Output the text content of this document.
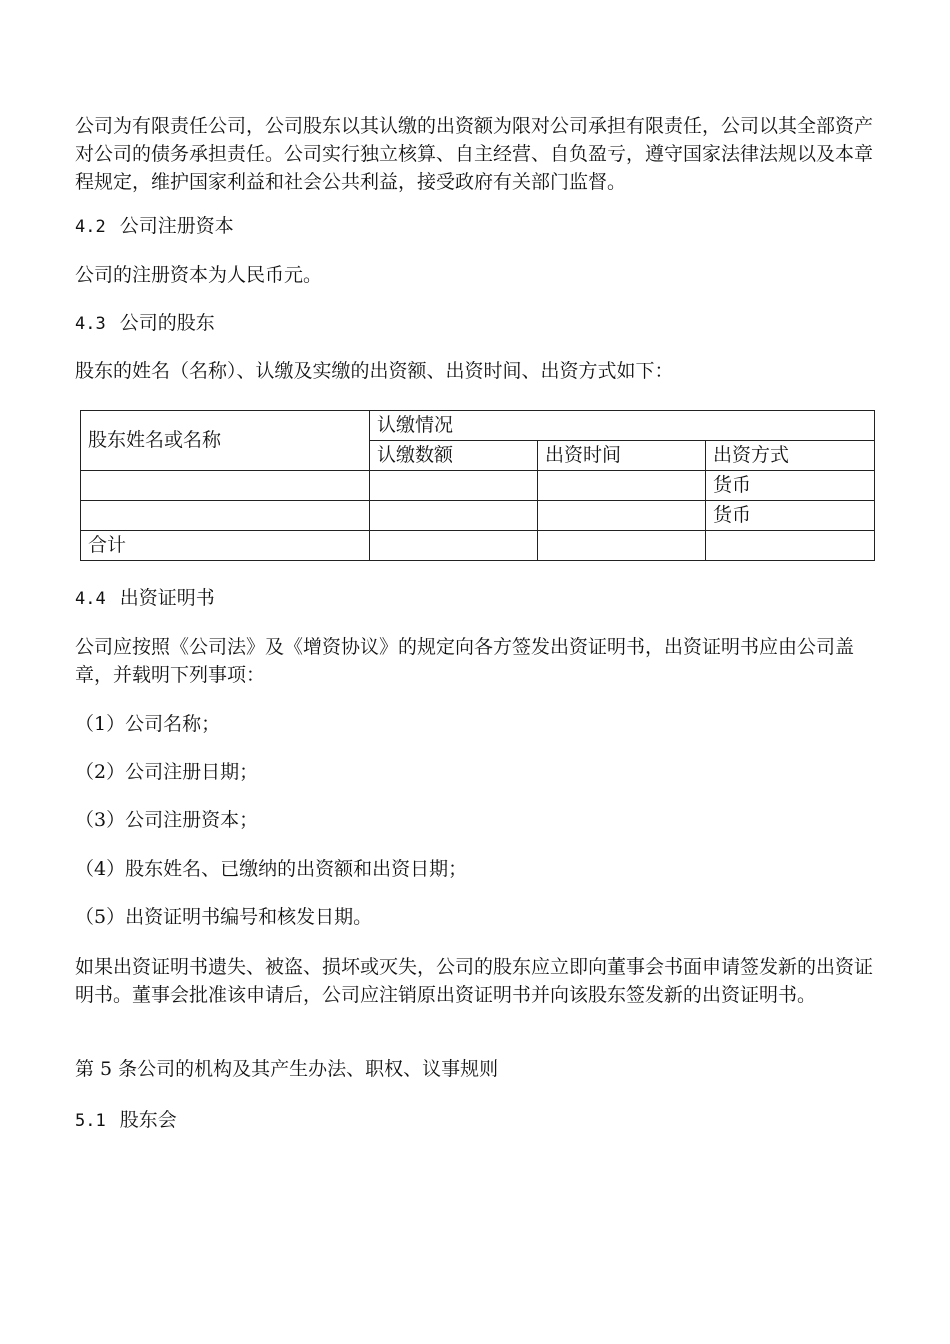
公司为有限责任公司，公司股东以其认缴的出资额为限对公司承担有限责任，公司以其全部资产对公司的债务承担责任。公司实行独立核算、自主经营、自负盈亏，遵守国家法律法规以及本章程规定，维护国家利益和社会公共利益，接受政府有关部门监督。
4.2 公司注册资本
公司的注册资本为人民币元。
4.3 公司的股东
股东的姓名（名称）、认缴及实缴的出资额、出资时间、出资方式如下：
4.4 出资证明书
公司应按照《公司法》及《增资协议》的规定向各方签发出资证明书，出资证明书应由公司盖章，并载明下列事项：
（1）公司名称；
（2）公司注册日期；
（3）公司注册资本；
（4）股东姓名、已缴纳的出资额和出资日期；
（5）出资证明书编号和核发日期。
如果出资证明书遗失、被盗、损坏或灭失，公司的股东应立即向董事会书面申请签发新的出资证明书。董事会批准该申请后，公司应注销原出资证明书并向该股东签发新的出资证明书。
第 5 条公司的机构及其产生办法、职权、议事规则
5.1 股东会
股东姓名或名称	认缴情况		
	认缴数额	出资时间	出资方式
			货币
			货币
合计			
